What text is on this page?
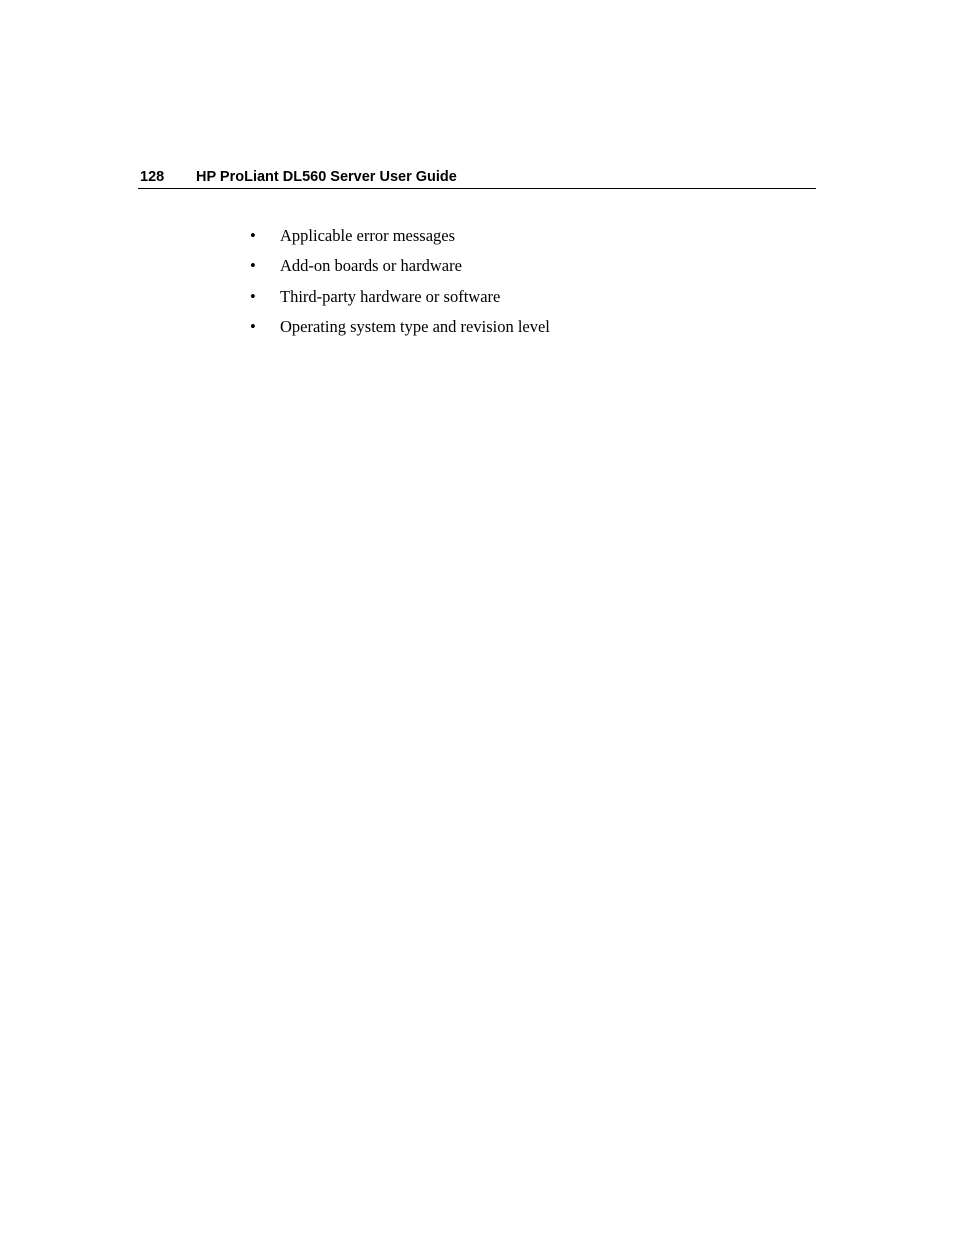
128 HP ProLiant DL560 Server User Guide
•	Applicable error messages
•	Add-on boards or hardware
•	Third-party hardware or software
•	Operating system type and revision level
